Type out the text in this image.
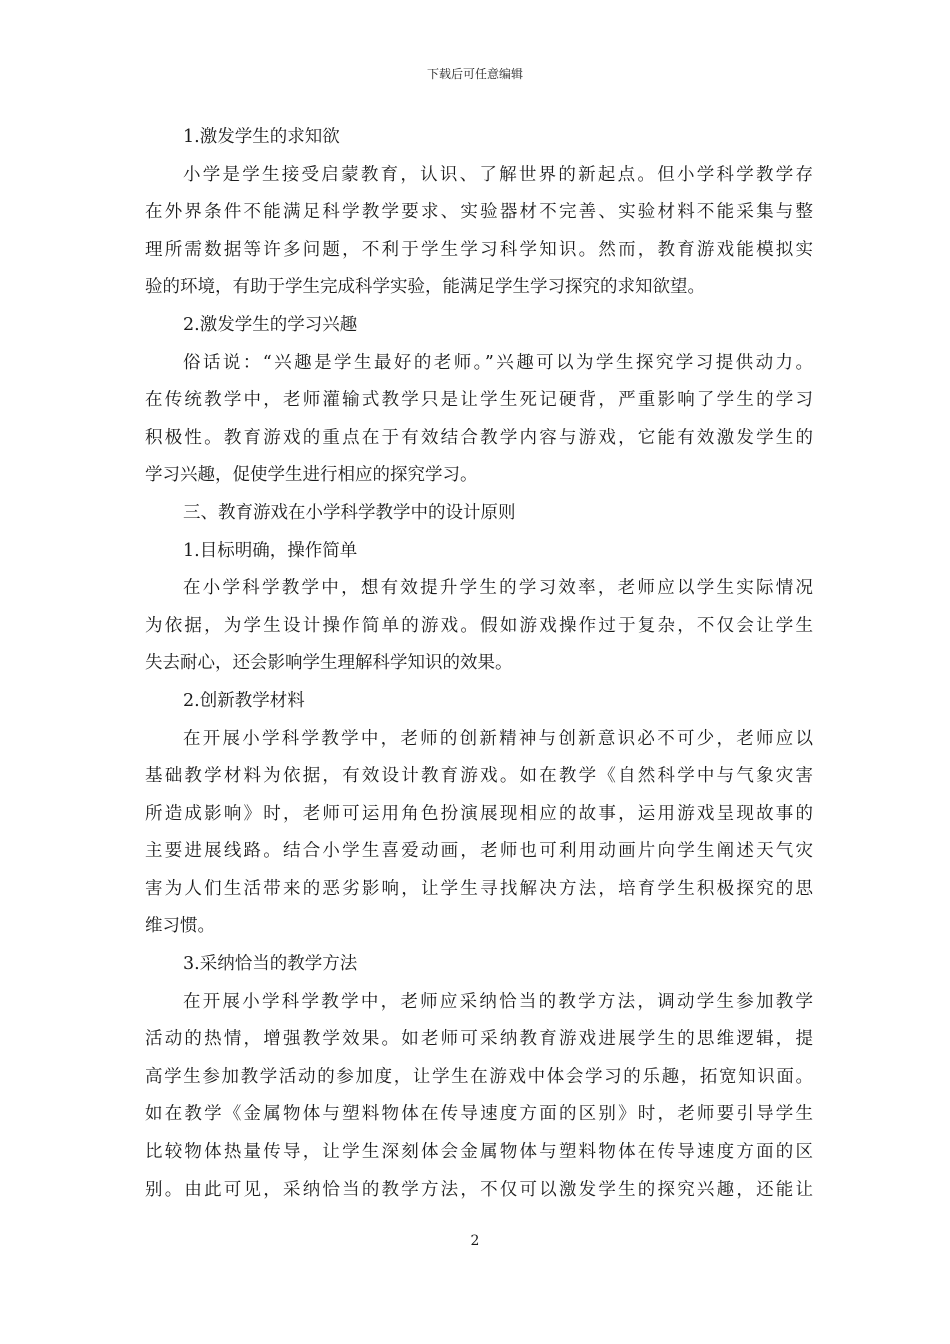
下载后可任意编辑
1.激发学生的求知欲
小学是学生接受启蒙教育，认识、了解世界的新起点。但小学科学教学存
在外界条件不能满足科学教学要求、实验器材不完善、实验材料不能采集与整
理所需数据等许多问题，不利于学生学习科学知识。然而，教育游戏能模拟实
验的环境，有助于学生完成科学实验，能满足学生学习探究的求知欲望。
2.激发学生的学习兴趣
俗话说：“兴趣是学生最好的老师。”兴趣可以为学生探究学习提供动力。
在传统教学中，老师灌输式教学只是让学生死记硬背，严重影响了学生的学习
积极性。教育游戏的重点在于有效结合教学内容与游戏，它能有效激发学生的
学习兴趣，促使学生进行相应的探究学习。
三、教育游戏在小学科学教学中的设计原则
1.目标明确，操作简单
在小学科学教学中，想有效提升学生的学习效率，老师应以学生实际情况
为依据，为学生设计操作简单的游戏。假如游戏操作过于复杂，不仅会让学生
失去耐心，还会影响学生理解科学知识的效果。
2.创新教学材料
在开展小学科学教学中，老师的创新精神与创新意识必不可少，老师应以
基础教学材料为依据，有效设计教育游戏。如在教学《自然科学中与气象灾害
所造成影响》时，老师可运用角色扮演展现相应的故事，运用游戏呈现故事的
主要进展线路。结合小学生喜爱动画，老师也可利用动画片向学生阐述天气灾
害为人们生活带来的恶劣影响，让学生寻找解决方法，培育学生积极探究的思
维习惯。
3.采纳恰当的教学方法
在开展小学科学教学中，老师应采纳恰当的教学方法，调动学生参加教学
活动的热情，增强教学效果。如老师可采纳教育游戏进展学生的思维逻辑，提
高学生参加教学活动的参加度，让学生在游戏中体会学习的乐趣，拓宽知识面。
如在教学《金属物体与塑料物体在传导速度方面的区别》时，老师要引导学生
比较物体热量传导，让学生深刻体会金属物体与塑料物体在传导速度方面的区
别。由此可见，采纳恰当的教学方法，不仅可以激发学生的探究兴趣，还能让
2
